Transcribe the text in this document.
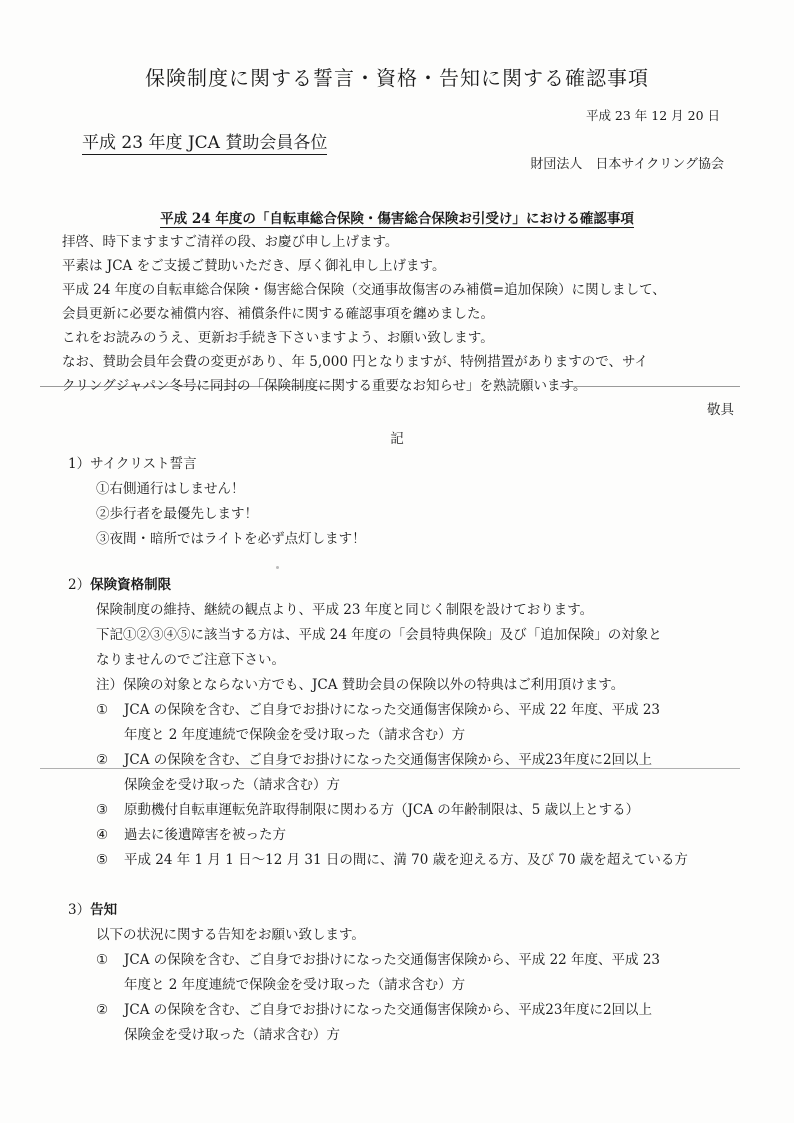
保険制度に関する誓言・資格・告知に関する確認事項
平成 23 年 12 月 20 日
平成 23 年度 JCA 賛助会員各位
財団法人　日本サイクリング協会
平成 24 年度の「自転車総合保険・傷害総合保険お引受け」における確認事項
拝啓、時下ますますご清祥の段、お慶び申し上げます。
平素は JCA をご支援ご賛助いただき、厚く御礼申し上げます。
平成 24 年度の自転車総合保険・傷害総合保険（交通事故傷害のみ補償=追加保険）に関しまして、
会員更新に必要な補償内容、補償条件に関する確認事項を纏めました。
これをお読みのうえ、更新お手続き下さいますよう、お願い致します。
なお、賛助会員年会費の変更があり、年 5,000 円となりますが、特例措置がありますので、サイ
クリングジャパン冬号に同封の「保険制度に関する重要なお知らせ」を熟読願います。
敬具
記
1）サイクリスト誓言
①右側通行はしません！
②歩行者を最優先します！
③夜間・暗所ではライトを必ず点灯します！
2）保険資格制限
保険制度の維持、継続の観点より、平成 23 年度と同じく制限を設けております。
下記①②③④⑤に該当する方は、平成 24 年度の「会員特典保険」及び「追加保険」の対象と
なりませんのでご注意下さい。
注）保険の対象とならない方でも、JCA 賛助会員の保険以外の特典はご利用頂けます。
① JCA の保険を含む、ご自身でお掛けになった交通傷害保険から、平成 22 年度、平成 23
年度と 2 年度連続で保険金を受け取った（請求含む）方
② JCA の保険を含む、ご自身でお掛けになった交通傷害保険から、平成23年度に2回以上
保険金を受け取った（請求含む）方
③ 原動機付自転車運転免許取得制限に関わる方（JCA の年齢制限は、5 歳以上とする）
④ 過去に後遺障害を被った方
⑤ 平成 24 年 1 月 1 日～12 月 31 日の間に、満 70 歳を迎える方、及び 70 歳を超えている方
3）告知
以下の状況に関する告知をお願い致します。
① JCA の保険を含む、ご自身でお掛けになった交通傷害保険から、平成 22 年度、平成 23
年度と 2 年度連続で保険金を受け取った（請求含む）方
② JCA の保険を含む、ご自身でお掛けになった交通傷害保険から、平成23年度に2回以上
保険金を受け取った（請求含む）方
